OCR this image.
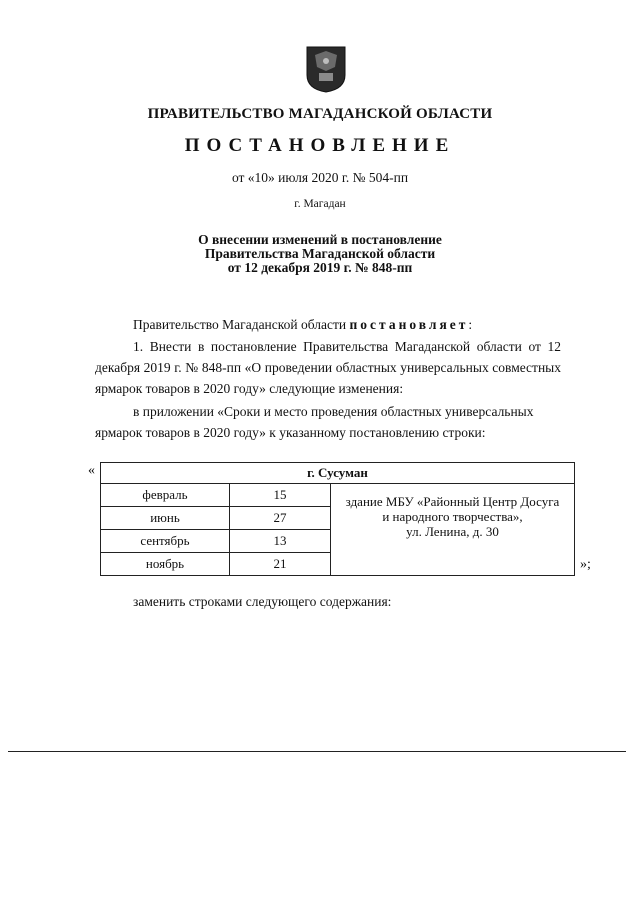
ПРАВИТЕЛЬСТВО МАГАДАНСКОЙ ОБЛАСТИ
ПОСТАНОВЛЕНИЕ
от «10» июля 2020 г. № 504-пп
г. Магадан
О внесении изменений в постановление
Правительства Магаданской области
от 12 декабря 2019 г. № 848-пп
Правительство Магаданской области постановляет:
1. Внести в постановление Правительства Магаданской области от 12 декабря 2019 г. № 848-пп «О проведении областных универсальных совместных ярмарок товаров в 2020 году» следующие изменения:
в приложении «Сроки и место проведения областных универсальных ярмарок товаров в 2020 году» к указанному постановлению строки:
«	г. Сусуман		
февраль	15	здание МБУ «Районный Центр Досуга
и народного творчества»,
ул. Ленина, д. 30

июнь	27	
сентябрь	13	
ноябрь	21		»;
заменить строками следующего содержания:
